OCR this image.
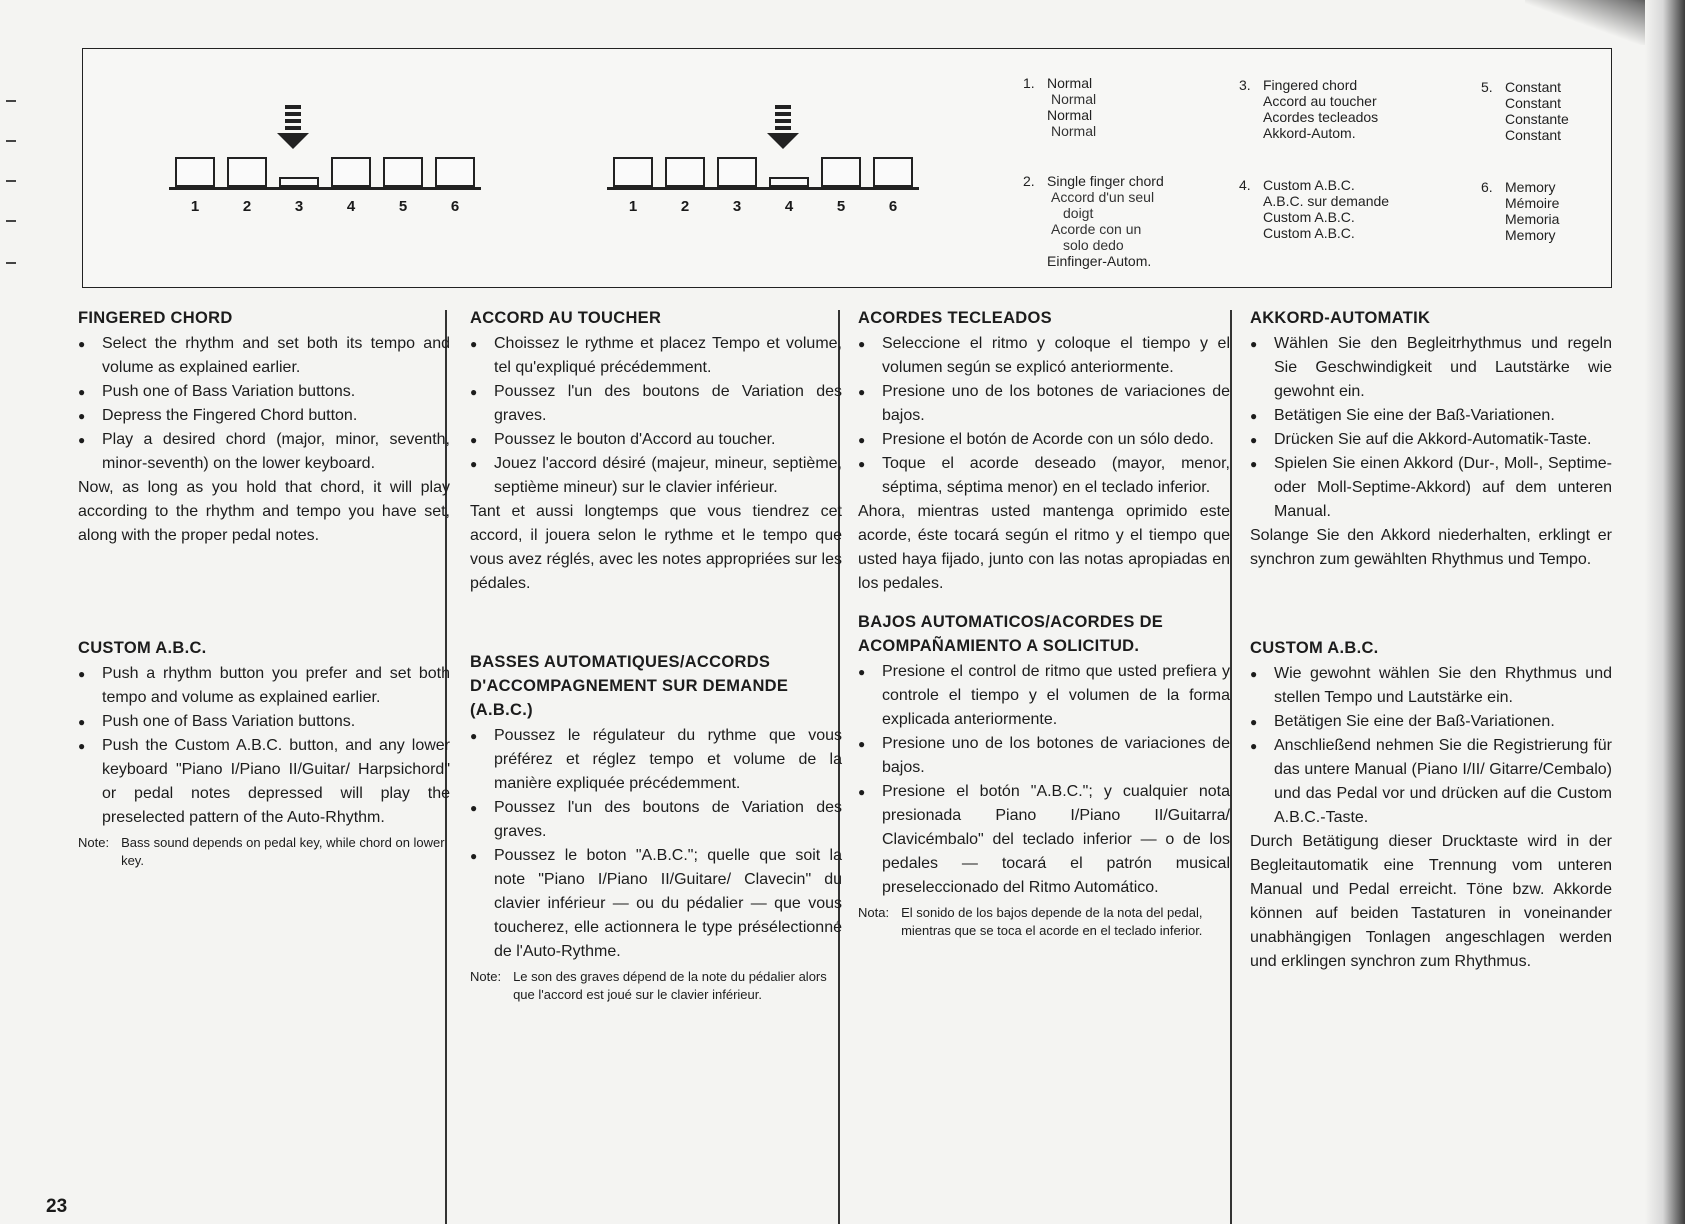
1	2	3	4	5	6	1	2	3	4	5	6
1. Normal
Normal
Normal
Normal
2. Single finger chord
Accord d'un seul
doigt
Acorde con un
solo dedo
Einfinger-Autom.
3. Fingered chord
Accord au toucher
Acordes tecleados
Akkord-Autom.
4. Custom A.B.C.
A.B.C. sur demande
Custom A.B.C.
Custom A.B.C.
5. Constant
Constant
Constante
Constant
6. Memory
Mémoire
Memoria
Memory
FINGERED CHORD
● Select the rhythm and set both its tempo and volume as explained earlier.
● Push one of Bass Variation buttons.
● Depress the Fingered Chord button.
● Play a desired chord (major, minor, seventh, minor-seventh) on the lower keyboard.

Now, as long as you hold that chord, it will play according to the rhythm and tempo you have set, along with the proper pedal notes.

CUSTOM A.B.C.
● Push a rhythm button you prefer and set both tempo and volume as explained earlier.
● Push one of Bass Variation buttons.
● Push the Custom A.B.C. button, and any lower keyboard "Piano I/Piano II/Guitar/ Harpsichord" or pedal notes depressed will play the preselected pattern of the Auto-Rhythm.
Note: Bass sound depends on pedal key, while chord on lower key.
ACCORD AU TOUCHER
● Choissez le rythme et placez Tempo et volume, tel qu'expliqué précédemment.
● Poussez l'un des boutons de Variation des graves.
● Poussez le bouton d'Accord au toucher.
● Jouez l'accord désiré (majeur, mineur, septième, septième mineur) sur le clavier inférieur.

Tant et aussi longtemps que vous tiendrez cet accord, il jouera selon le rythme et le tempo que vous avez réglés, avec les notes appropriées sur les pédales.

BASSES AUTOMATIQUES/ACCORDS D'ACCOMPAGNEMENT SUR DEMANDE (A.B.C.)
● Poussez le régulateur du rythme que vous préférez et réglez tempo et volume de la manière expliquée précédemment.
● Poussez l'un des boutons de Variation des graves.
● Poussez le boton "A.B.C."; quelle que soit la note "Piano I/Piano II/Guitare/ Clavecin" du clavier inférieur — ou du pédalier — que vous toucherez, elle actionnera le type présélectionné de l'Auto-Rythme.
Note: Le son des graves dépend de la note du pédalier alors que l'accord est joué sur le clavier inférieur.
ACORDES TECLEADOS
● Seleccione el ritmo y coloque el tiempo y el volumen según se explicó anteriormente.
● Presione uno de los botones de variaciones de bajos.
● Presione el botón de Acorde con un sólo dedo.
● Toque el acorde deseado (mayor, menor, séptima, séptima menor) en el teclado inferior.

Ahora, mientras usted mantenga oprimido este acorde, éste tocará según el ritmo y el tiempo que usted haya fijado, junto con las notas apropiadas en los pedales.

BAJOS AUTOMATICOS/ACORDES DE ACOMPAÑAMIENTO A SOLICITUD.
● Presione el control de ritmo que usted prefiera y controle el tiempo y el volumen de la forma explicada anteriormente.
● Presione uno de los botones de variaciones de bajos.
● Presione el botón "A.B.C."; y cualquier nota presionada Piano I/Piano II/Guitarra/ Clavicémbalo" del teclado inferior — o de los pedales — tocará el patrón musical preseleccionado del Ritmo Automático.
Nota: El sonido de los bajos depende de la nota del pedal, mientras que se toca el acorde en el teclado inferior.
AKKORD-AUTOMATIK
● Wählen Sie den Begleitrhythmus und regeln Sie Geschwindigkeit und Lautstärke wie gewohnt ein.
● Betätigen Sie eine der Baß-Variationen.
● Drücken Sie auf die Akkord-Automatik-Taste.
● Spielen Sie einen Akkord (Dur-, Moll-, Septime- oder Moll-Septime-Akkord) auf dem unteren Manual.

Solange Sie den Akkord niederhalten, erklingt er synchron zum gewählten Rhythmus und Tempo.

CUSTOM A.B.C.
● Wie gewohnt wählen Sie den Rhythmus und stellen Tempo und Lautstärke ein.
● Betätigen Sie eine der Baß-Variationen.
● Anschließend nehmen Sie die Registrierung für das untere Manual (Piano I/II/ Gitarre/Cembalo) und das Pedal vor und drücken auf die Custom A.B.C.-Taste.

Durch Betätigung dieser Drucktaste wird in der Begleitautomatik eine Trennung vom unteren Manual und Pedal erreicht. Töne bzw. Akkorde können auf beiden Tastaturen in voneinander unabhängigen Tonlagen angeschlagen werden und erklingen synchron zum Rhythmus.

23
